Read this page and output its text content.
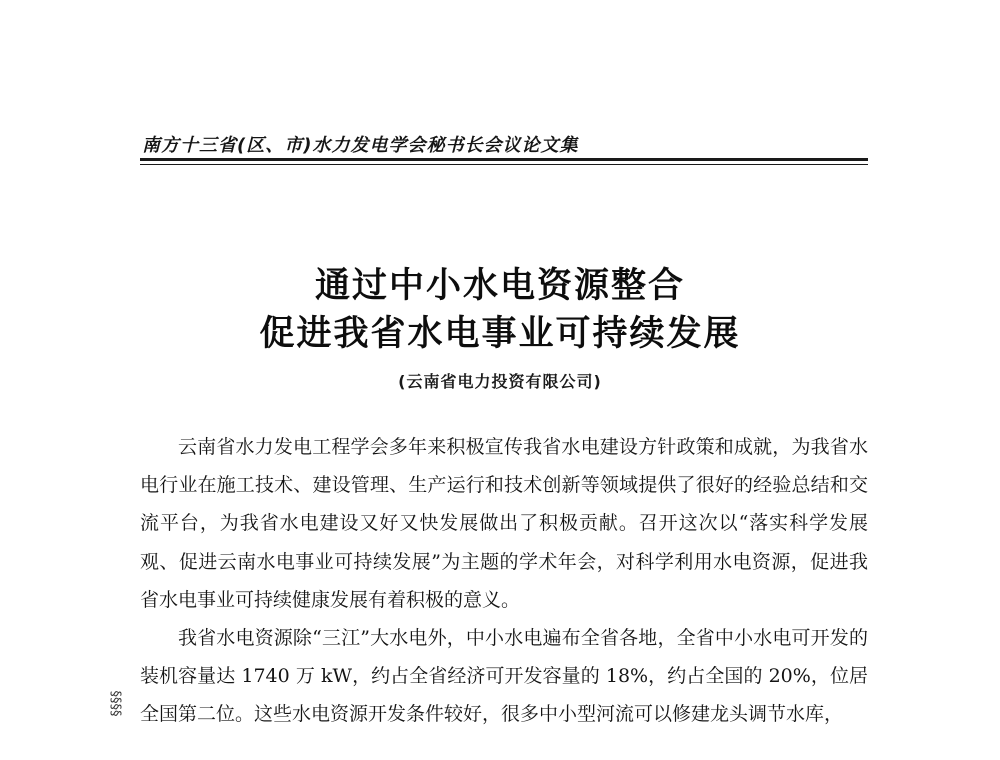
南方十三省(区、市)水力发电学会秘书长会议论文集
通过中小水电资源整合
促进我省水电事业可持续发展
(云南省电力投资有限公司)

云南省水力发电工程学会多年来积极宣传我省水电建设方针政策和成就，为我省水电行业在施工技术、建设管理、生产运行和技术创新等领域提供了很好的经验总结和交流平台，为我省水电建设又好又快发展做出了积极贡献。召开这次以“落实科学发展观、促进云南水电事业可持续发展”为主题的学术年会，对科学利用水电资源，促进我省水电事业可持续健康发展有着积极的意义。

我省水电资源除“三江”大水电外，中小水电遍布全省各地，全省中小水电可开发的装机容量达 1740 万 kW，约占全省经济可开发容量的 18%，约占全国的 20%，位居全国第二位。这些水电资源开发条件较好，很多中小型河流可以修建龙头调节水库，

§§§§
